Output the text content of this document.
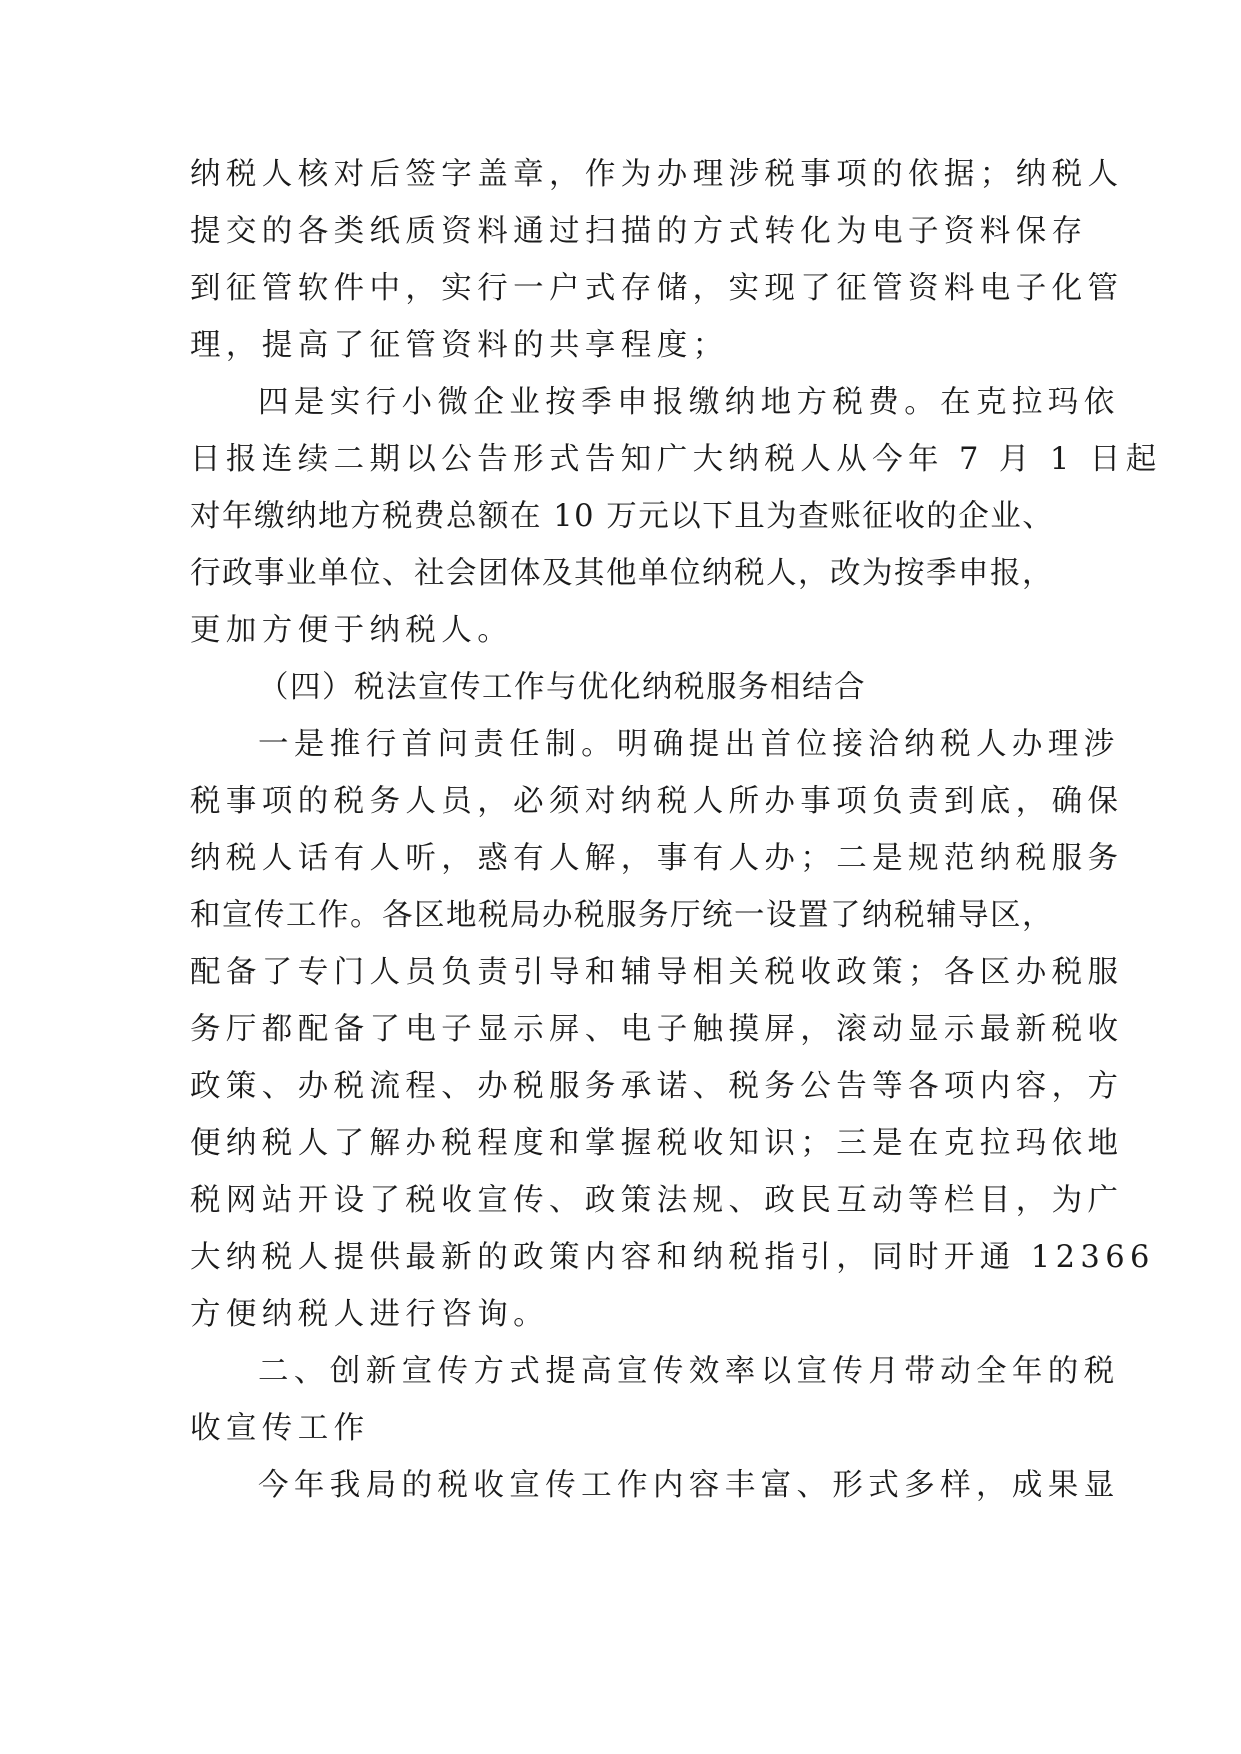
纳税人核对后签字盖章，作为办理涉税事项的依据；纳税人
提交的各类纸质资料通过扫描的方式转化为电子资料保存
到征管软件中，实行一户式存储，实现了征管资料电子化管
理，提高了征管资料的共享程度；
四是实行小微企业按季申报缴纳地方税费。在克拉玛依
日报连续二期以公告形式告知广大纳税人从今年 7 月 1 日起
对年缴纳地方税费总额在 10 万元以下且为查账征收的企业、
行政事业单位、社会团体及其他单位纳税人，改为按季申报，
更加方便于纳税人。
（四）税法宣传工作与优化纳税服务相结合
一是推行首问责任制。明确提出首位接洽纳税人办理涉
税事项的税务人员，必须对纳税人所办事项负责到底，确保
纳税人话有人听，惑有人解，事有人办；二是规范纳税服务
和宣传工作。各区地税局办税服务厅统一设置了纳税辅导区，
配备了专门人员负责引导和辅导相关税收政策；各区办税服
务厅都配备了电子显示屏、电子触摸屏，滚动显示最新税收
政策、办税流程、办税服务承诺、税务公告等各项内容，方
便纳税人了解办税程度和掌握税收知识；三是在克拉玛依地
税网站开设了税收宣传、政策法规、政民互动等栏目，为广
大纳税人提供最新的政策内容和纳税指引，同时开通 12366
方便纳税人进行咨询。
二、创新宣传方式提高宣传效率以宣传月带动全年的税
收宣传工作
今年我局的税收宣传工作内容丰富、形式多样，成果显
